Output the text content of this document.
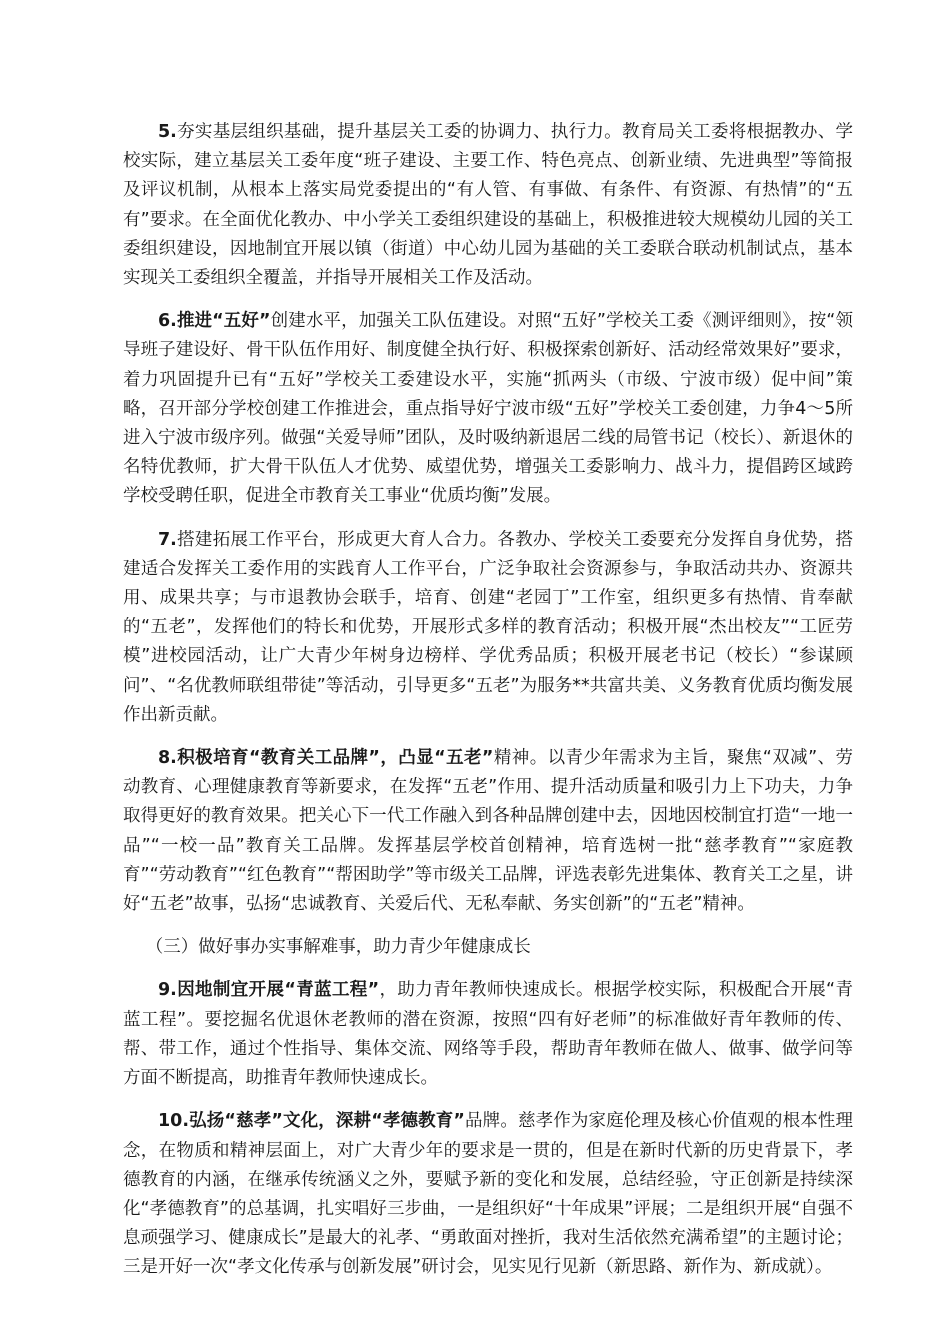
5.夯实基层组织基础，提升基层关工委的协调力、执行力。教育局关工委将根据教办、学校实际，建立基层关工委年度“班子建设、主要工作、特色亮点、创新业绩、先进典型”等简报及评议机制，从根本上落实局党委提出的“有人管、有事做、有条件、有资源、有热情”的“五有”要求。在全面优化教办、中小学关工委组织建设的基础上，积极推进较大规模幼儿园的关工委组织建设，因地制宜开展以镇（街道）中心幼儿园为基础的关工委联合联动机制试点，基本实现关工委组织全覆盖，并指导开展相关工作及活动。

6.推进“五好”创建水平，加强关工队伍建设。对照“五好”学校关工委《测评细则》，按“领导班子建设好、骨干队伍作用好、制度健全执行好、积极探索创新好、活动经常效果好”要求，着力巩固提升已有“五好”学校关工委建设水平，实施“抓两头（市级、宁波市级）促中间”策略，召开部分学校创建工作推进会，重点指导好宁波市级“五好”学校关工委创建，力争4～5所进入宁波市级序列。做强“关爱导师”团队，及时吸纳新退居二线的局管书记（校长）、新退休的名特优教师，扩大骨干队伍人才优势、威望优势，增强关工委影响力、战斗力，提倡跨区域跨学校受聘任职，促进全市教育关工事业“优质均衡”发展。

7.搭建拓展工作平台，形成更大育人合力。各教办、学校关工委要充分发挥自身优势，搭建适合发挥关工委作用的实践育人工作平台，广泛争取社会资源参与，争取活动共办、资源共用、成果共享；与市退教协会联手，培育、创建“老园丁”工作室，组织更多有热情、肯奉献的“五老”，发挥他们的特长和优势，开展形式多样的教育活动；积极开展“杰出校友”“工匠劳模”进校园活动，让广大青少年树身边榜样、学优秀品质；积极开展老书记（校长）“参谋顾问”、“名优教师联组带徒”等活动，引导更多“五老”为服务**共富共美、义务教育优质均衡发展作出新贡献。

8.积极培育“教育关工品牌”，凸显“五老”精神。以青少年需求为主旨，聚焦“双减”、劳动教育、心理健康教育等新要求，在发挥“五老”作用、提升活动质量和吸引力上下功夫，力争取得更好的教育效果。把关心下一代工作融入到各种品牌创建中去，因地因校制宜打造“一地一品”“一校一品”教育关工品牌。发挥基层学校首创精神，培育选树一批“慈孝教育”“家庭教育”“劳动教育”“红色教育”“帮困助学”等市级关工品牌，评选表彰先进集体、教育关工之星，讲好“五老”故事，弘扬“忠诚教育、关爱后代、无私奉献、务实创新”的“五老”精神。

（三）做好事办实事解难事，助力青少年健康成长

9.因地制宜开展“青蓝工程”，助力青年教师快速成长。根据学校实际，积极配合开展“青蓝工程”。要挖掘名优退休老教师的潜在资源，按照“四有好老师”的标准做好青年教师的传、帮、带工作，通过个性指导、集体交流、网络等手段，帮助青年教师在做人、做事、做学问等方面不断提高，助推青年教师快速成长。

10.弘扬“慈孝”文化，深耕“孝德教育”品牌。慈孝作为家庭伦理及核心价值观的根本性理念，在物质和精神层面上，对广大青少年的要求是一贯的，但是在新时代新的历史背景下，孝德教育的内涵，在继承传统涵义之外，要赋予新的变化和发展，总结经验，守正创新是持续深化“孝德教育”的总基调，扎实唱好三步曲，一是组织好“十年成果”评展；二是组织开展“自强不息顽强学习、健康成长”是最大的礼孝、“勇敢面对挫折，我对生活依然充满希望”的主题讨论；三是开好一次“孝文化传承与创新发展”研讨会，见实见行见新（新思路、新作为、新成就）。
